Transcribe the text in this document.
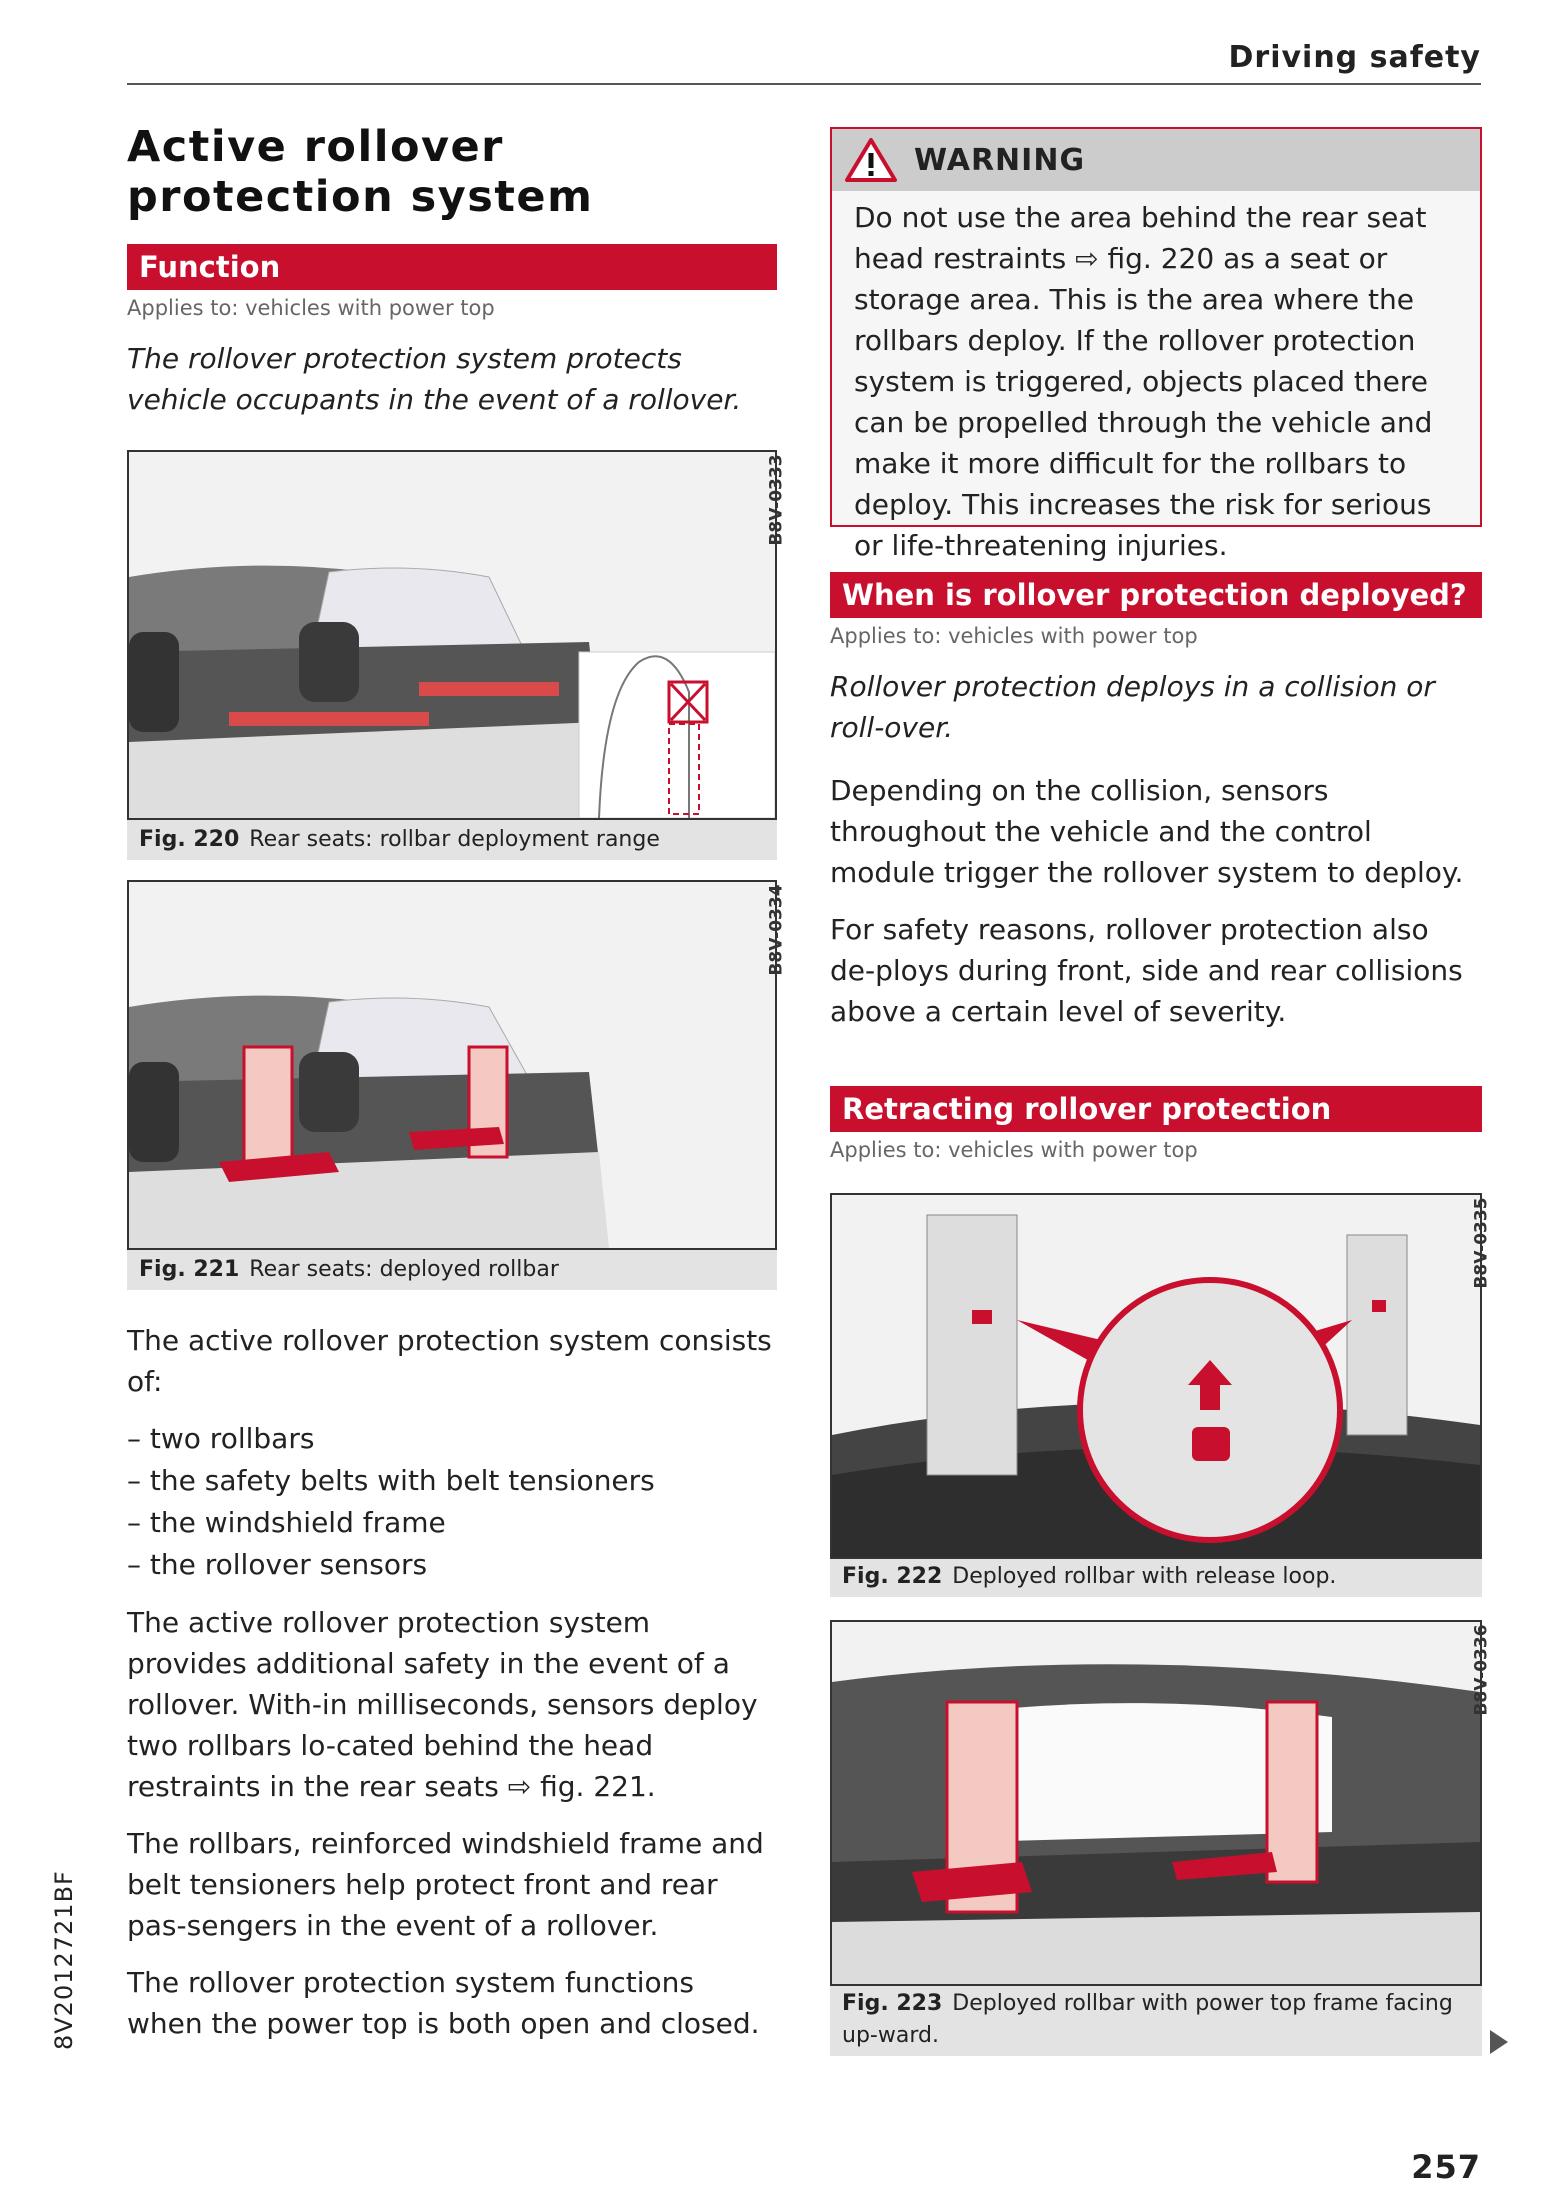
Driving safety
Active rollover
protection system
Function
Applies to: vehicles with power top
The rollover protection system protects vehicle occupants in the event of a rollover.
B8V-0333
Fig. 220 Rear seats: rollbar deployment range
B8V-0334
Fig. 221 Rear seats: deployed rollbar
The active rollover protection system consists of:
– two rollbars
– the safety belts with belt tensioners
– the windshield frame
– the rollover sensors
The active rollover protection system provides additional safety in the event of a rollover. With-in milliseconds, sensors deploy two rollbars lo-cated behind the head restraints in the rear seats ⇨ fig. 221.
The rollbars, reinforced windshield frame and belt tensioners help protect front and rear pas-sengers in the event of a rollover.
The rollover protection system functions when the power top is both open and closed.
WARNING
Do not use the area behind the rear seat head restraints ⇨ fig. 220 as a seat or storage area. This is the area where the rollbars deploy. If the rollover protection system is triggered, objects placed there can be propelled through the vehicle and make it more difficult for the rollbars to deploy. This increases the risk for serious or life-threatening injuries.
When is rollover protection deployed?
Applies to: vehicles with power top
Rollover protection deploys in a collision or roll-over.
Depending on the collision, sensors throughout the vehicle and the control module trigger the rollover system to deploy.
For safety reasons, rollover protection also de-ploys during front, side and rear collisions above a certain level of severity.
Retracting rollover protection
Applies to: vehicles with power top
B8V-0335
Fig. 222 Deployed rollbar with release loop.
B8V-0336
Fig. 223 Deployed rollbar with power top frame facing up-ward.
8V2012721BF
257
